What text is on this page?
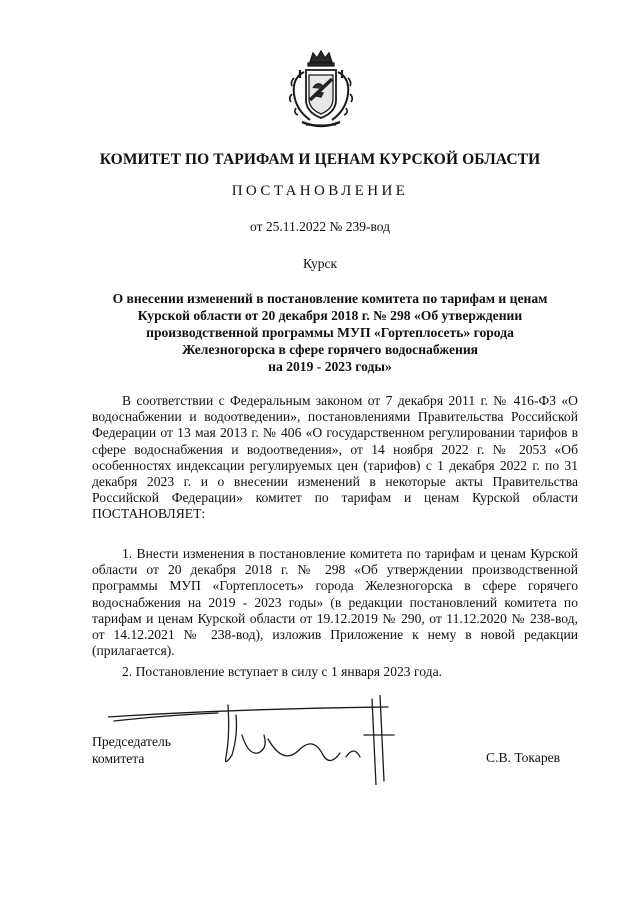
КОМИТЕТ ПО ТАРИФАМ И ЦЕНАМ КУРСКОЙ ОБЛАСТИ
ПОСТАНОВЛЕНИЕ
от 25.11.2022 № 239-вод
Курск
О внесении изменений в постановление комитета по тарифам и ценам
Курской области от 20 декабря 2018 г. № 298 «Об утверждении
производственной программы МУП «Гортеплосеть» города
Железногорска в сфере горячего водоснабжения
на 2019 - 2023 годы»
В соответствии с Федеральным законом от 7 декабря 2011 г. № 416-ФЗ «О водоснабжении и водоотведении», постановлениями Правительства Российской Федерации от 13 мая 2013 г. № 406 «О государственном регулировании тарифов в сфере водоснабжения и водоотведения», от 14 ноября 2022 г. № 2053 «Об особенностях индексации регулируемых цен (тарифов) с 1 декабря 2022 г. по 31 декабря 2023 г. и о внесении изменений в некоторые акты Правительства Российской Федерации» комитет по тарифам и ценам Курской области ПОСТАНОВЛЯЕТ:
1. Внести изменения в постановление комитета по тарифам и ценам Курской области от 20 декабря 2018 г. № 298 «Об утверждении производственной программы МУП «Гортеплосеть» города Железногорска в сфере горячего водоснабжения на 2019 - 2023 годы» (в редакции постановлений комитета по тарифам и ценам Курской области от 19.12.2019 № 290, от 11.12.2020 № 238-вод, от 14.12.2021 № 238-вод), изложив Приложение к нему в новой редакции (прилагается).
2. Постановление вступает в силу с 1 января 2023 года.
Председатель
комитета	С.В. Токарев
